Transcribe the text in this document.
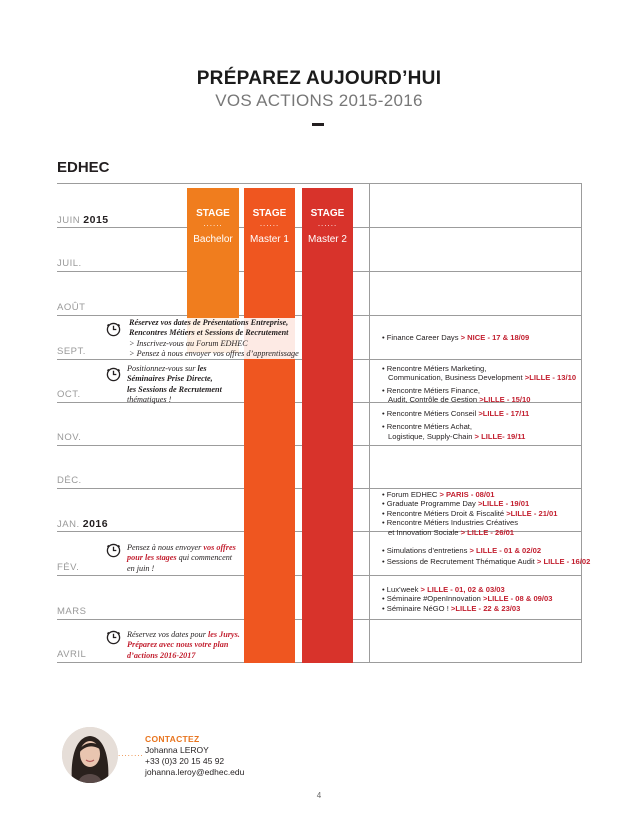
PRÉPAREZ AUJOURD’HUI
VOS ACTIONS 2015-2016
EDHEC
JUIN 2015
JUIL.
AOÛT
SEPT.
OCT.
NOV.
DÉC.
JAN. 2016
FÉV.
MARS
AVRIL
STAGE
......
Bachelor
STAGE
......
Master 1
STAGE
......
Master 2
Réservez vos dates de Présentations Entreprise,
Rencontres Métiers et Sessions de Recrutement
> Inscrivez-vous au Forum EDHEC
> Pensez à nous envoyer vos offres d’apprentissage
Positionnez-vous sur les
Séminaires Prise Directe,
les Sessions de Recrutement
thématiques !
Pensez à nous envoyer vos offres
pour les stages qui commencent
en juin !
Réservez vos dates pour les Jurys.
Préparez avec nous votre plan
d’actions 2016-2017
• Finance Career Days > NICE - 17 & 18/09
• Rencontre Métiers Marketing,
Communication, Business Development >LILLE - 13/10
• Rencontre Métiers Finance,
Audit, Contrôle de Gestion >LILLE - 15/10
• Rencontre Métiers Conseil >LILLE - 17/11
• Rencontre Métiers Achat,
Logistique, Supply-Chain > LILLE- 19/11
• Forum EDHEC > PARIS - 08/01
• Graduate Programme Day >LILLE - 19/01
• Rencontre Métiers Droit & Fiscalité >LILLE - 21/01
• Rencontre Métiers Industries Créatives
et Innovation Sociale > LILLE - 26/01
• Simulations d’entretiens > LILLE - 01 & 02/02
• Sessions de Recrutement Thématique Audit > LILLE - 16/02
• Lux’week > LILLE - 01, 02 & 03/03
• Séminaire #OpenInnovation >LILLE - 08 & 09/03
• Séminaire NéGO ! >LILLE - 22 & 23/03
........
CONTACTEZ
Johanna LEROY
+33 (0)3 20 15 45 92
johanna.leroy@edhec.edu
4
